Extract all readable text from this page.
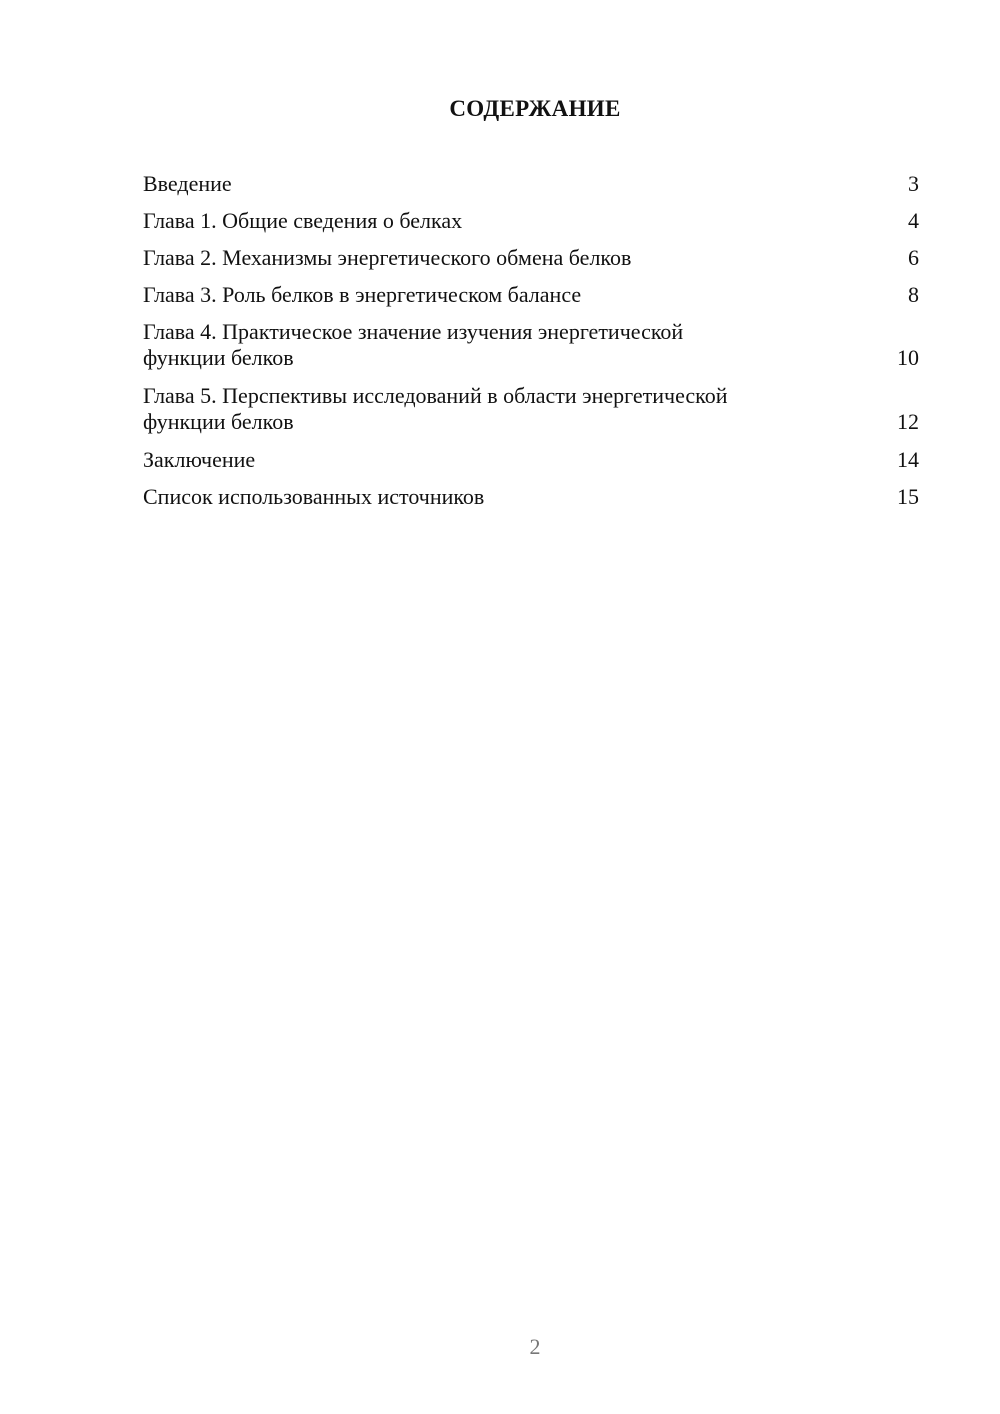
СОДЕРЖАНИЕ
Введение	3
Глава 1. Общие сведения о белках	4
Глава 2. Механизмы энергетического обмена белков	6
Глава 3. Роль белков в энергетическом балансе	8
Глава 4. Практическое значение изучения энергетической
функции белков	10
Глава 5. Перспективы исследований в области энергетической
функции белков	12
Заключение	14
Список использованных источников	15
2
